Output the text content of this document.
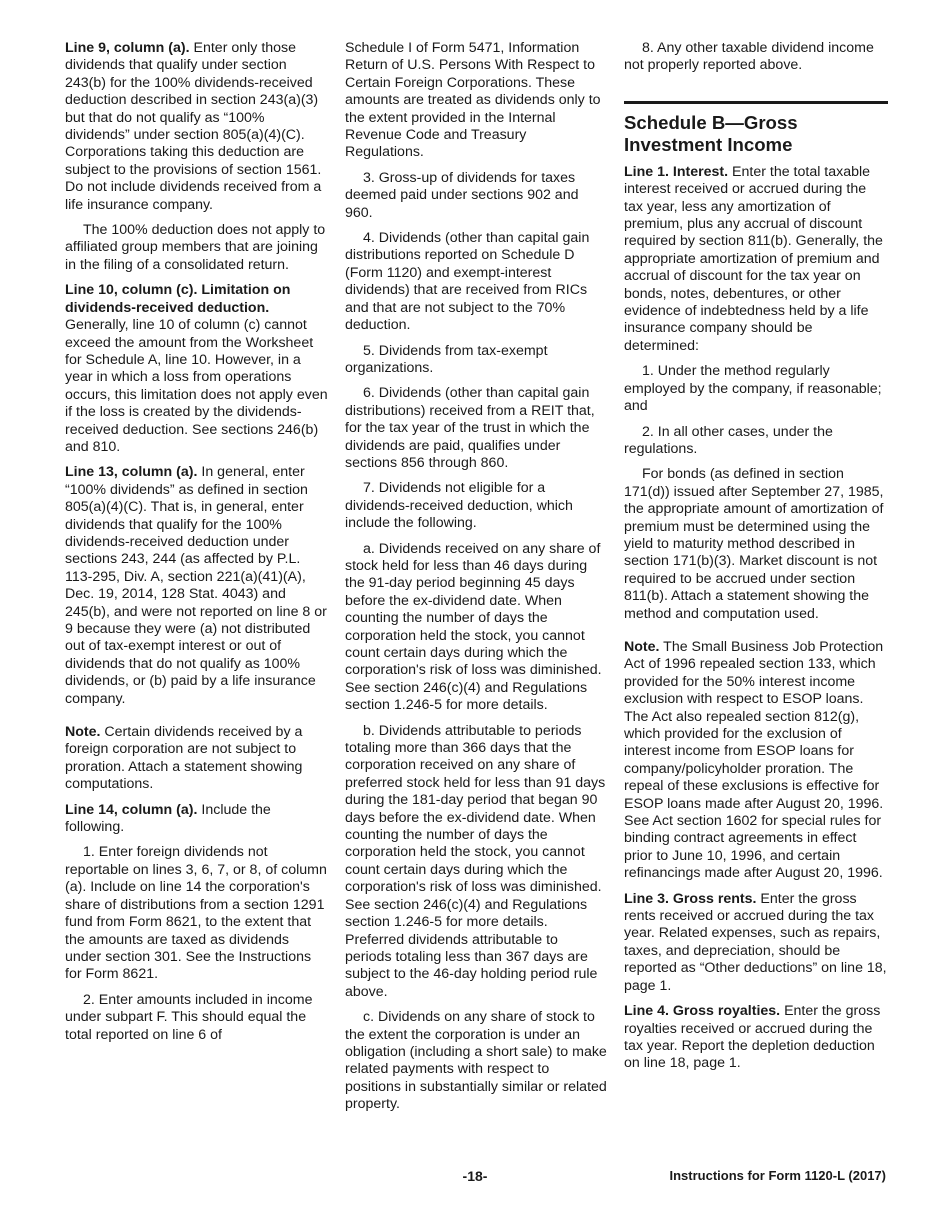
Line 9, column (a). Enter only those dividends that qualify under section 243(b) for the 100% dividends-received deduction described in section 243(a)(3) but that do not qualify as “100% dividends” under section 805(a)(4)(C). Corporations taking this deduction are subject to the provisions of section 1561. Do not include dividends received from a life insurance company.

The 100% deduction does not apply to affiliated group members that are joining in the filing of a consolidated return.

Line 10, column (c). Limitation on dividends-received deduction. Generally, line 10 of column (c) cannot exceed the amount from the Worksheet for Schedule A, line 10. However, in a year in which a loss from operations occurs, this limitation does not apply even if the loss is created by the dividends-received deduction. See sections 246(b) and 810.

Line 13, column (a). In general, enter “100% dividends” as defined in section 805(a)(4)(C). That is, in general, enter dividends that qualify for the 100% dividends-received deduction under sections 243, 244 (as affected by P.L. 113-295, Div. A, section 221(a)(41)(A), Dec. 19, 2014, 128 Stat. 4043) and 245(b), and were not reported on line 8 or 9 because they were (a) not distributed out of tax-exempt interest or out of dividends that do not qualify as 100% dividends, or (b) paid by a life insurance company.

Note. Certain dividends received by a foreign corporation are not subject to proration. Attach a statement showing computations.

Line 14, column (a). Include the following.

1. Enter foreign dividends not reportable on lines 3, 6, 7, or 8, of column (a). Include on line 14 the corporation's share of distributions from a section 1291 fund from Form 8621, to the extent that the amounts are taxed as dividends under section 301. See the Instructions for Form 8621.

2. Enter amounts included in income under subpart F. This should equal the total reported on line 6 of

Schedule I of Form 5471, Information Return of U.S. Persons With Respect to Certain Foreign Corporations. These amounts are treated as dividends only to the extent provided in the Internal Revenue Code and Treasury Regulations.

3. Gross-up of dividends for taxes deemed paid under sections 902 and 960.

4. Dividends (other than capital gain distributions reported on Schedule D (Form 1120) and exempt-interest dividends) that are received from RICs and that are not subject to the 70% deduction.

5. Dividends from tax-exempt organizations.

6. Dividends (other than capital gain distributions) received from a REIT that, for the tax year of the trust in which the dividends are paid, qualifies under sections 856 through 860.

7. Dividends not eligible for a dividends-received deduction, which include the following.

a. Dividends received on any share of stock held for less than 46 days during the 91-day period beginning 45 days before the ex-dividend date. When counting the number of days the corporation held the stock, you cannot count certain days during which the corporation's risk of loss was diminished. See section 246(c)(4) and Regulations section 1.246-5 for more details.

b. Dividends attributable to periods totaling more than 366 days that the corporation received on any share of preferred stock held for less than 91 days during the 181-day period that began 90 days before the ex-dividend date. When counting the number of days the corporation held the stock, you cannot count certain days during which the corporation's risk of loss was diminished. See section 246(c)(4) and Regulations section 1.246-5 for more details. Preferred dividends attributable to periods totaling less than 367 days are subject to the 46-day holding period rule above.

c. Dividends on any share of stock to the extent the corporation is under an obligation (including a short sale) to make related payments with respect to positions in substantially similar or related property.

8. Any other taxable dividend income not properly reported above.

Schedule B—Gross Investment Income

Line 1. Interest. Enter the total taxable interest received or accrued during the tax year, less any amortization of premium, plus any accrual of discount required by section 811(b). Generally, the appropriate amortization of premium and accrual of discount for the tax year on bonds, notes, debentures, or other evidence of indebtedness held by a life insurance company should be determined:

1. Under the method regularly employed by the company, if reasonable; and

2. In all other cases, under the regulations.

For bonds (as defined in section 171(d)) issued after September 27, 1985, the appropriate amount of amortization of premium must be determined using the yield to maturity method described in section 171(b)(3). Market discount is not required to be accrued under section 811(b). Attach a statement showing the method and computation used.

Note. The Small Business Job Protection Act of 1996 repealed section 133, which provided for the 50% interest income exclusion with respect to ESOP loans. The Act also repealed section 812(g), which provided for the exclusion of interest income from ESOP loans for company/policyholder proration. The repeal of these exclusions is effective for ESOP loans made after August 20, 1996. See Act section 1602 for special rules for binding contract agreements in effect prior to June 10, 1996, and certain refinancings made after August 20, 1996.

Line 3. Gross rents. Enter the gross rents received or accrued during the tax year. Related expenses, such as repairs, taxes, and depreciation, should be reported as “Other deductions” on line 18, page 1.

Line 4. Gross royalties. Enter the gross royalties received or accrued during the tax year. Report the depletion deduction on line 18, page 1.

-18-	Instructions for Form 1120-L (2017)
